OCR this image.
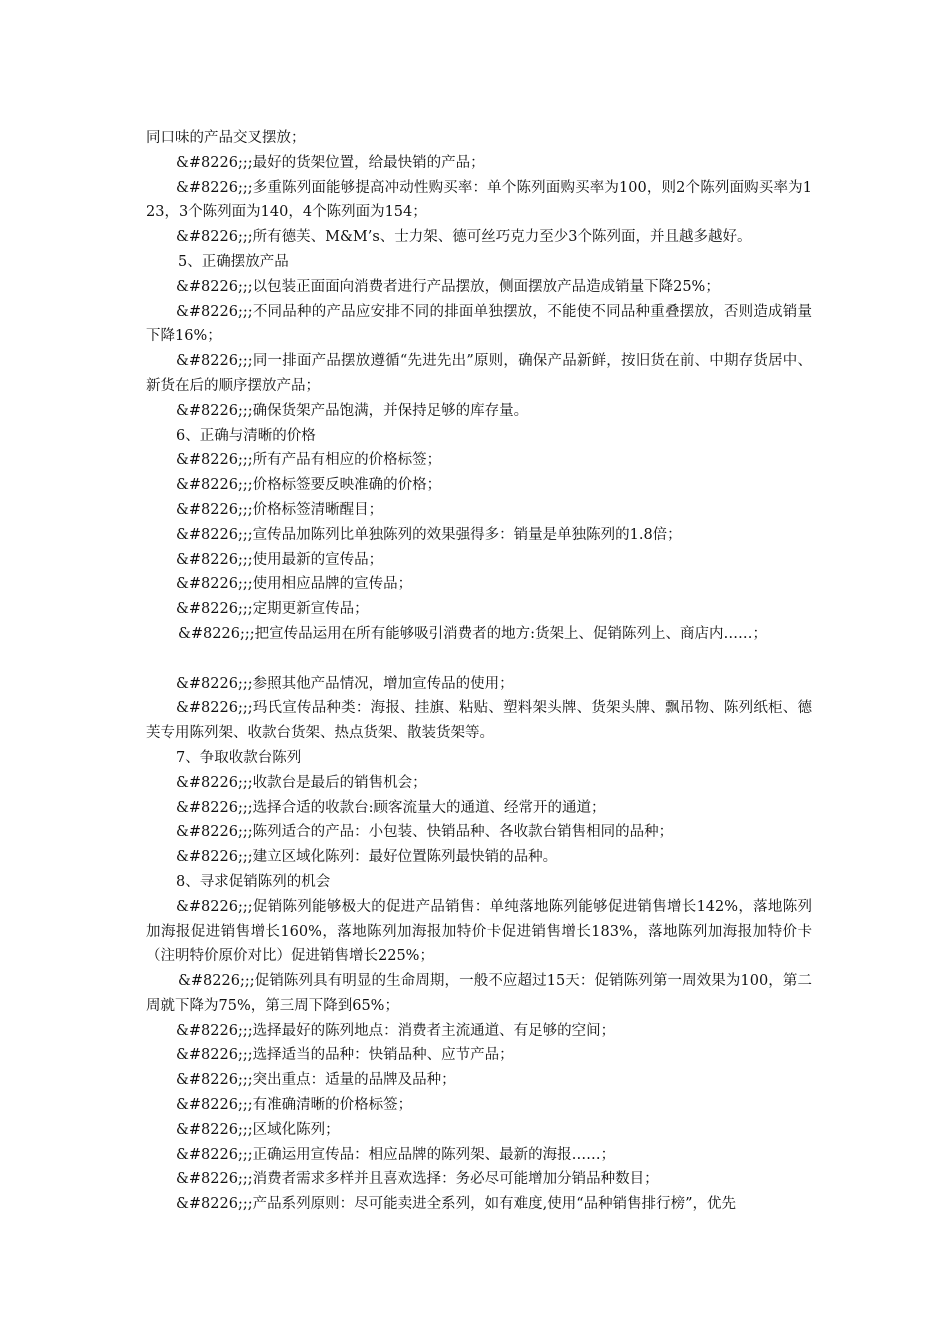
同口味的产品交叉摆放；

&#8226;;;最好的货架位置，给最快销的产品；

&#8226;;;多重陈列面能够提高冲动性购买率：单个陈列面购买率为100，则2个陈列面购买率为123，3个陈列面为140，4个陈列面为154；

&#8226;;;所有德芙、M&M’s、士力架、德可丝巧克力至少3个陈列面，并且越多越好。

5、正确摆放产品

&#8226;;;以包装正面面向消费者进行产品摆放，侧面摆放产品造成销量下降25%；

&#8226;;;不同品种的产品应安排不同的排面单独摆放，不能使不同品种重叠摆放，否则造成销量下降16%；

&#8226;;;同一排面产品摆放遵循“先进先出”原则，确保产品新鲜，按旧货在前、中期存货居中、新货在后的顺序摆放产品；

&#8226;;;确保货架产品饱满，并保持足够的库存量。

6、正确与清晰的价格

&#8226;;;所有产品有相应的价格标签；

&#8226;;;价格标签要反映准确的价格；

&#8226;;;价格标签清晰醒目；

&#8226;;;宣传品加陈列比单独陈列的效果强得多：销量是单独陈列的1.8倍；

&#8226;;;使用最新的宣传品；

&#8226;;;使用相应品牌的宣传品；

&#8226;;;定期更新宣传品；

&#8226;;;把宣传品运用在所有能够吸引消费者的地方:货架上、促销陈列上、商店内……；

&#8226;;;参照其他产品情况，增加宣传品的使用；

&#8226;;;玛氏宣传品种类：海报、挂旗、粘贴、塑料架头牌、货架头牌、飘吊物、陈列纸柜、德芙专用陈列架、收款台货架、热点货架、散装货架等。

7、争取收款台陈列

&#8226;;;收款台是最后的销售机会；

&#8226;;;选择合适的收款台:顾客流量大的通道、经常开的通道；

&#8226;;;陈列适合的产品：小包装、快销品种、各收款台销售相同的品种；

&#8226;;;建立区域化陈列：最好位置陈列最快销的品种。

8、寻求促销陈列的机会

&#8226;;;促销陈列能够极大的促进产品销售：单纯落地陈列能够促进销售增长142%，落地陈列加海报促进销售增长160%，落地陈列加海报加特价卡促进销售增长183%，落地陈列加海报加特价卡（注明特价原价对比）促进销售增长225%；

&#8226;;;促销陈列具有明显的生命周期，一般不应超过15天：促销陈列第一周效果为100，第二周就下降为75%，第三周下降到65%；

&#8226;;;选择最好的陈列地点：消费者主流通道、有足够的空间；

&#8226;;;选择适当的品种：快销品种、应节产品；

&#8226;;;突出重点：适量的品牌及品种；

&#8226;;;有准确清晰的价格标签；

&#8226;;;区域化陈列；

&#8226;;;正确运用宣传品：相应品牌的陈列架、最新的海报……；

&#8226;;;消费者需求多样并且喜欢选择：务必尽可能增加分销品种数目；

&#8226;;;产品系列原则：尽可能卖进全系列，如有难度,使用“品种销售排行榜”，优先
